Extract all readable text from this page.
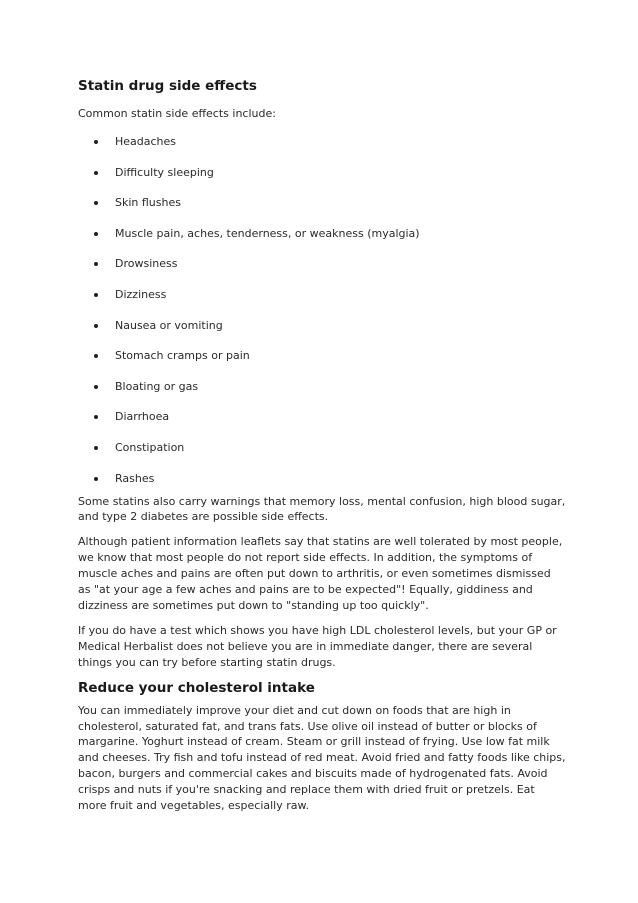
Statin drug side effects
Common statin side effects include:
Headaches
Difficulty sleeping
Skin flushes
Muscle pain, aches, tenderness, or weakness (myalgia)
Drowsiness
Dizziness
Nausea or vomiting
Stomach cramps or pain
Bloating or gas
Diarrhoea
Constipation
Rashes

Some statins also carry warnings that memory loss, mental confusion, high blood sugar, and type 2 diabetes are possible side effects.

Although patient information leaflets say that statins are well tolerated by most people, we know that most people do not report side effects. In addition, the symptoms of muscle aches and pains are often put down to arthritis, or even sometimes dismissed as "at your age a few aches and pains are to be expected"! Equally, giddiness and dizziness are sometimes put down to "standing up too quickly".

If you do have a test which shows you have high LDL cholesterol levels, but your GP or Medical Herbalist does not believe you are in immediate danger, there are several things you can try before starting statin drugs.

Reduce your cholesterol intake

You can immediately improve your diet and cut down on foods that are high in cholesterol, saturated fat, and trans fats. Use olive oil instead of butter or blocks of margarine. Yoghurt instead of cream. Steam or grill instead of frying. Use low fat milk and cheeses. Try fish and tofu instead of red meat. Avoid fried and fatty foods like chips, bacon, burgers and commercial cakes and biscuits made of hydrogenated fats. Avoid crisps and nuts if you're snacking and replace them with dried fruit or pretzels. Eat more fruit and vegetables, especially raw.
